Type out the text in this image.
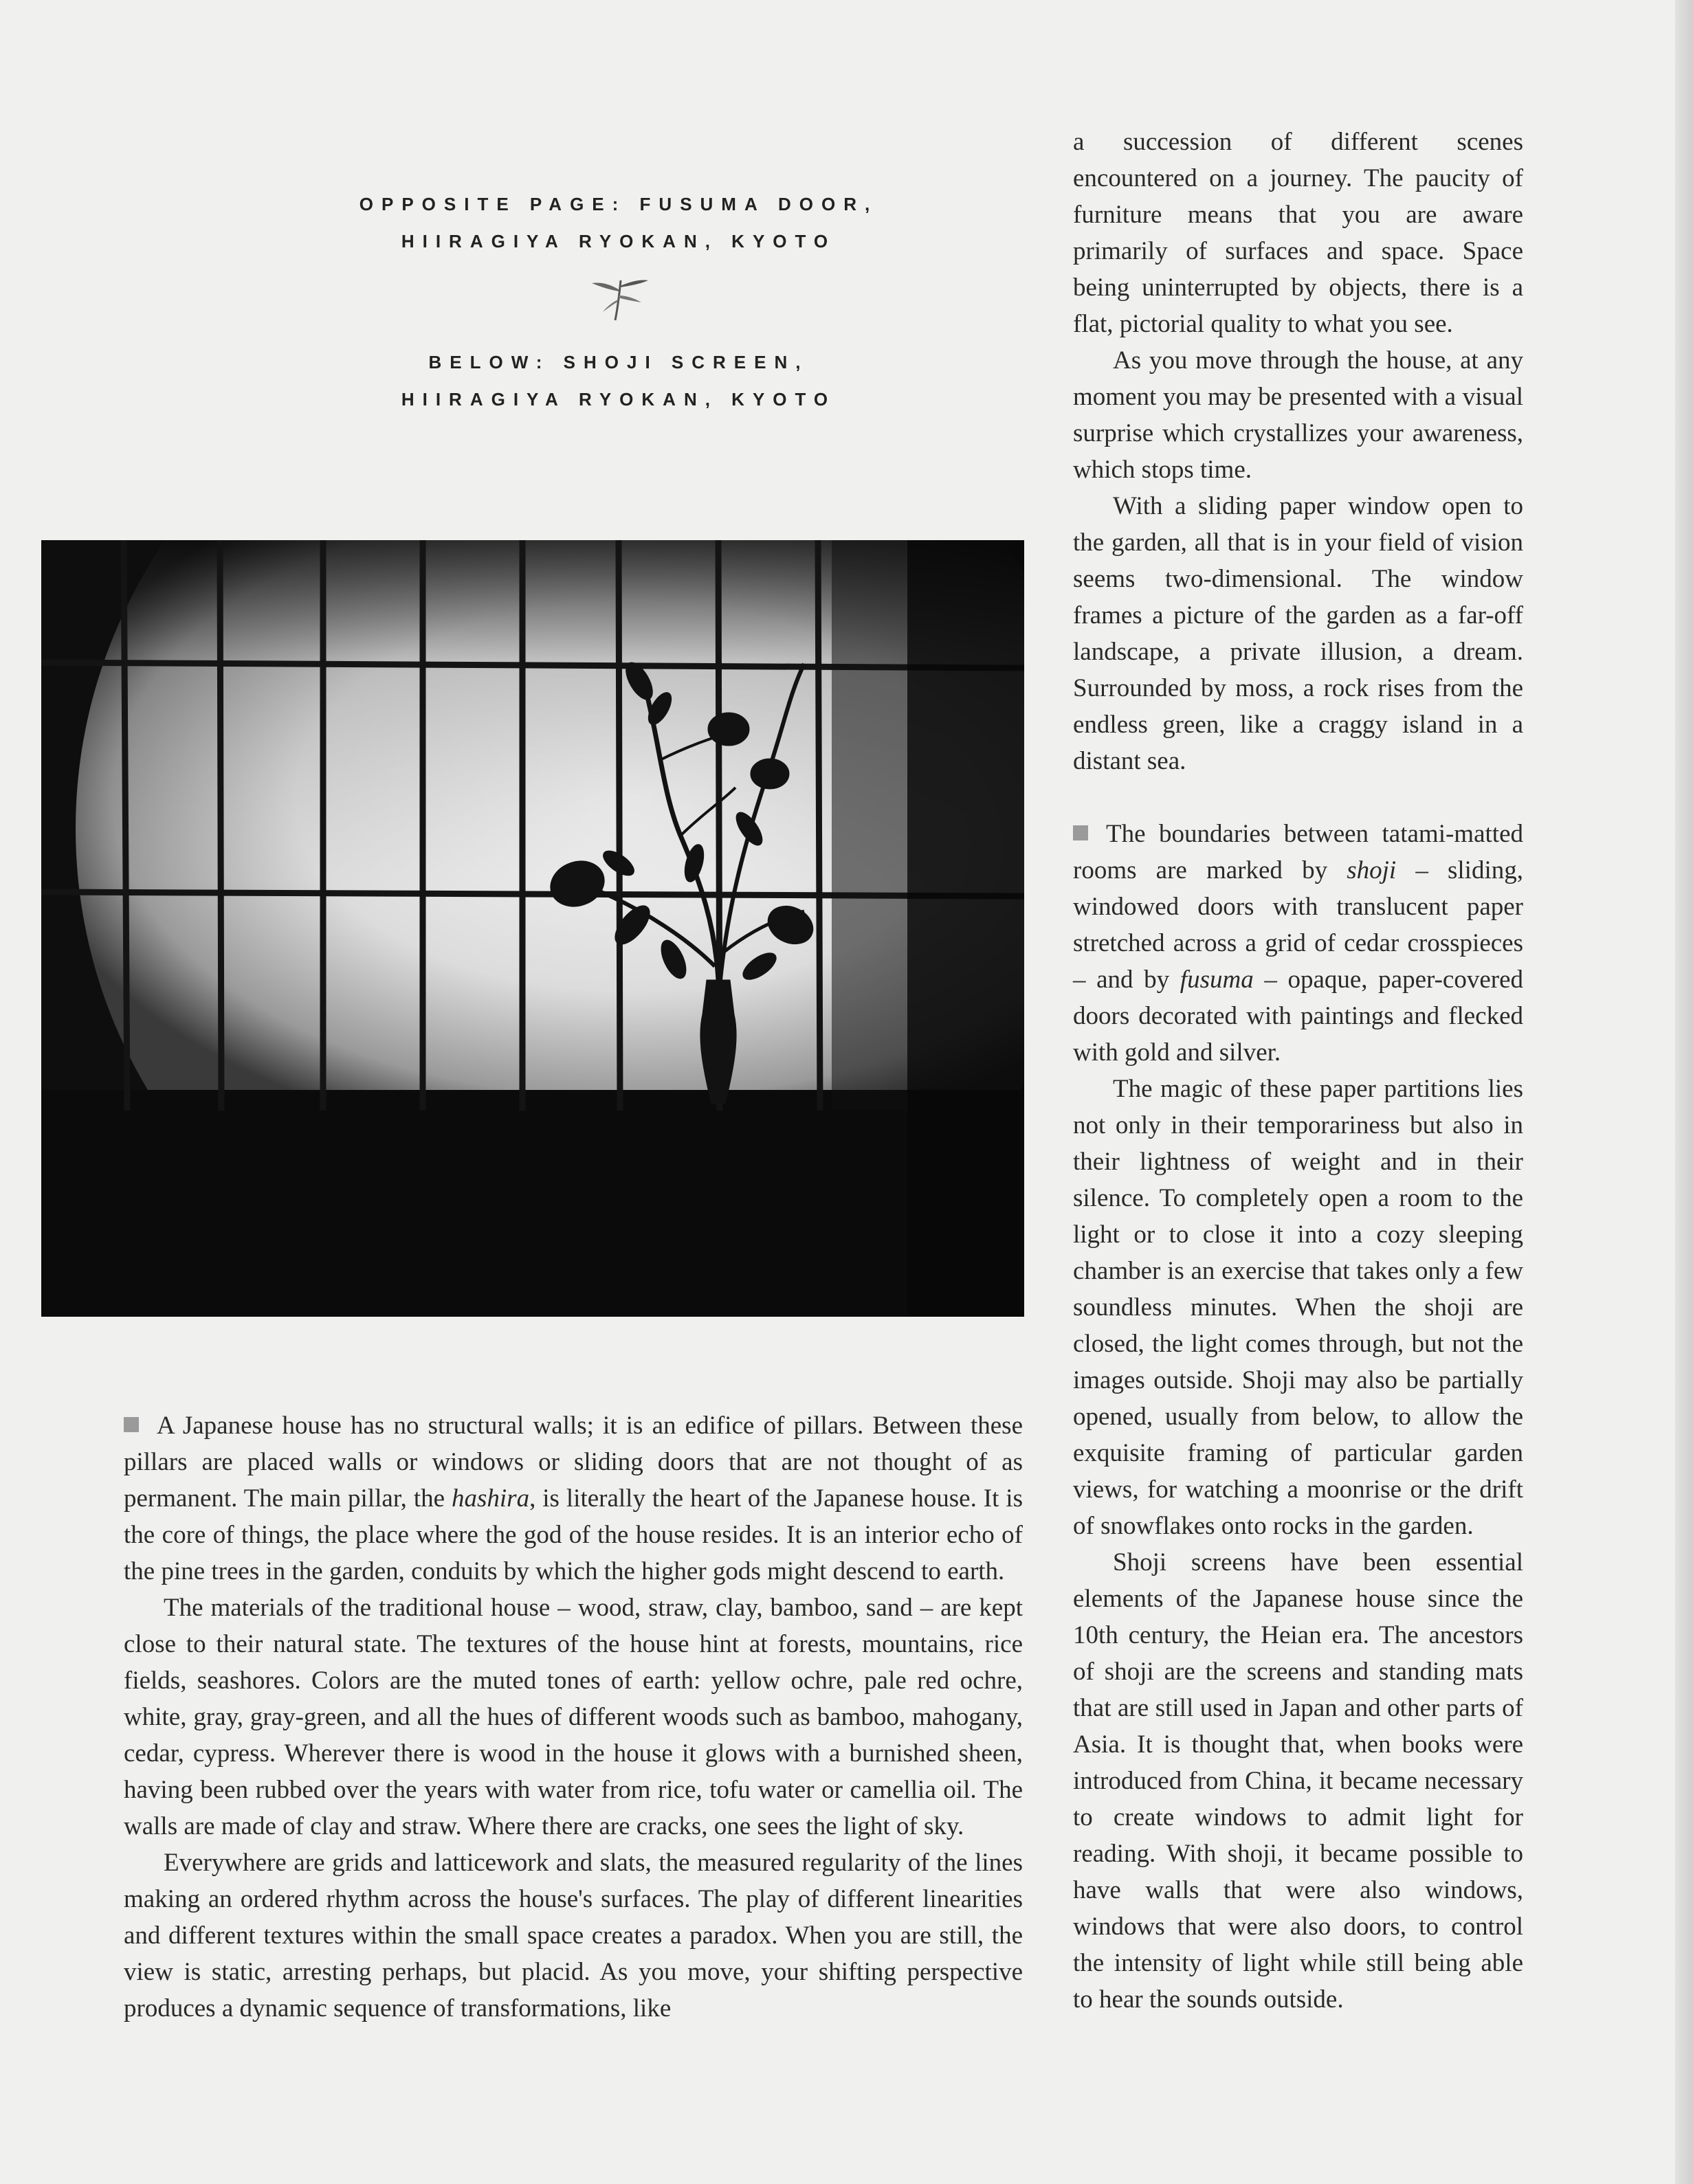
OPPOSITE PAGE: FUSUMA DOOR,

HIIRAGIYA RYOKAN, KYOTO

BELOW: SHOJI SCREEN,

HIIRAGIYA RYOKAN, KYOTO

A Japanese house has no structural walls; it is an edifice of pillars. Between these pillars are placed walls or windows or sliding doors that are not thought of as permanent. The main pillar, the hashira, is literally the heart of the Japanese house. It is the core of things, the place where the god of the house resides. It is an interior echo of the pine trees in the garden, conduits by which the higher gods might descend to earth.

The materials of the traditional house – wood, straw, clay, bamboo, sand – are kept close to their natural state. The textures of the house hint at forests, mountains, rice fields, seashores. Colors are the muted tones of earth: yellow ochre, pale red ochre, white, gray, gray-green, and all the hues of different woods such as bamboo, mahogany, cedar, cypress. Wherever there is wood in the house it glows with a burnished sheen, having been rubbed over the years with water from rice, tofu water or camellia oil. The walls are made of clay and straw. Where there are cracks, one sees the light of sky.

Everywhere are grids and latticework and slats, the measured regularity of the lines making an ordered rhythm across the house's surfaces. The play of different linearities and different textures within the small space creates a paradox. When you are still, the view is static, arresting perhaps, but placid. As you move, your shifting perspective produces a dynamic sequence of transformations, like

a succession of different scenes encountered on a journey. The paucity of furniture means that you are aware primarily of surfaces and space. Space being uninterrupted by objects, there is a flat, pictorial quality to what you see.

As you move through the house, at any moment you may be presented with a visual surprise which crystallizes your awareness, which stops time.

With a sliding paper window open to the garden, all that is in your field of vision seems two-dimensional. The window frames a picture of the garden as a far-off landscape, a private illusion, a dream. Surrounded by moss, a rock rises from the endless green, like a craggy island in a distant sea.

The boundaries between tatami-matted rooms are marked by shoji – sliding, windowed doors with translucent paper stretched across a grid of cedar crosspieces – and by fusuma – opaque, paper-covered doors decorated with paintings and flecked with gold and silver.

The magic of these paper partitions lies not only in their temporariness but also in their lightness of weight and in their silence. To completely open a room to the light or to close it into a cozy sleeping chamber is an exercise that takes only a few soundless minutes. When the shoji are closed, the light comes through, but not the images outside. Shoji may also be partially opened, usually from below, to allow the exquisite framing of particular garden views, for watching a moonrise or the drift of snowflakes onto rocks in the garden.

Shoji screens have been essential elements of the Japanese house since the 10th century, the Heian era. The ancestors of shoji are the screens and standing mats that are still used in Japan and other parts of Asia. It is thought that, when books were introduced from China, it became necessary to create windows to admit light for reading. With shoji, it became possible to have walls that were also windows, windows that were also doors, to control the intensity of light while still being able to hear the sounds outside.
